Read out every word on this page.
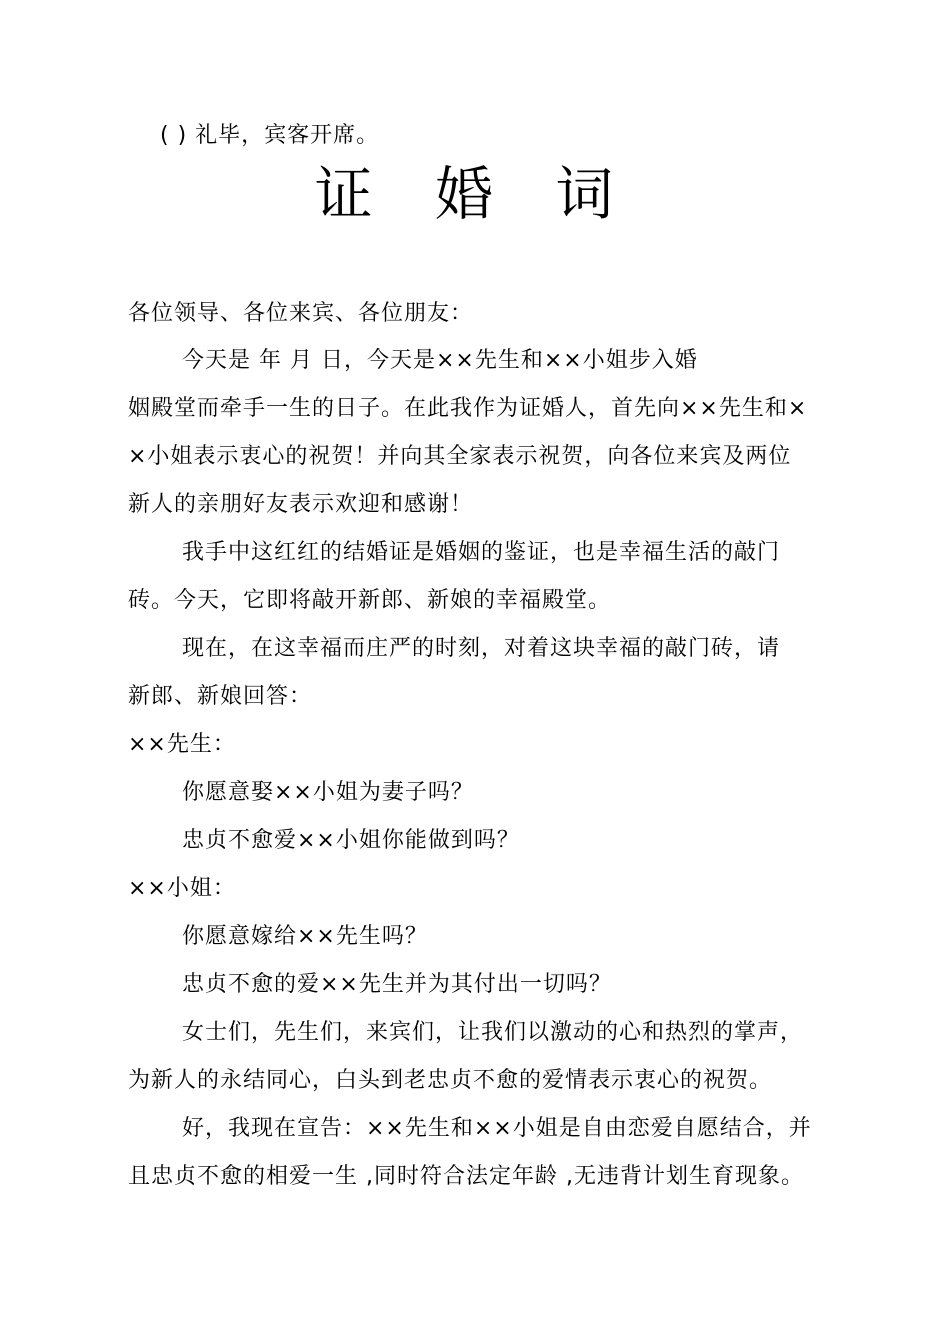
( ) 礼毕，宾客开席。
证 婚 词
各位领导、各位来宾、各位朋友：
今天是 年 月 日，今天是××先生和××小姐步入婚
姻殿堂而牵手一生的日子。在此我作为证婚人，首先向××先生和×
×小姐表示衷心的祝贺！并向其全家表示祝贺，向各位来宾及两位
新人的亲朋好友表示欢迎和感谢！
我手中这红红的结婚证是婚姻的鉴证，也是幸福生活的敲门
砖。今天，它即将敲开新郎、新娘的幸福殿堂。
现在，在这幸福而庄严的时刻，对着这块幸福的敲门砖，请
新郎、新娘回答：
××先生：
你愿意娶××小姐为妻子吗？
忠贞不愈爱××小姐你能做到吗？
××小姐：
你愿意嫁给××先生吗？
忠贞不愈的爱××先生并为其付出一切吗？
女士们，先生们，来宾们，让我们以激动的心和热烈的掌声，
为新人的永结同心，白头到老忠贞不愈的爱情表示衷心的祝贺。
好，我现在宣告：××先生和××小姐是自由恋爱自愿结合，并
且忠贞不愈的相爱一生 ,同时符合法定年龄 ,无违背计划生育现象。
